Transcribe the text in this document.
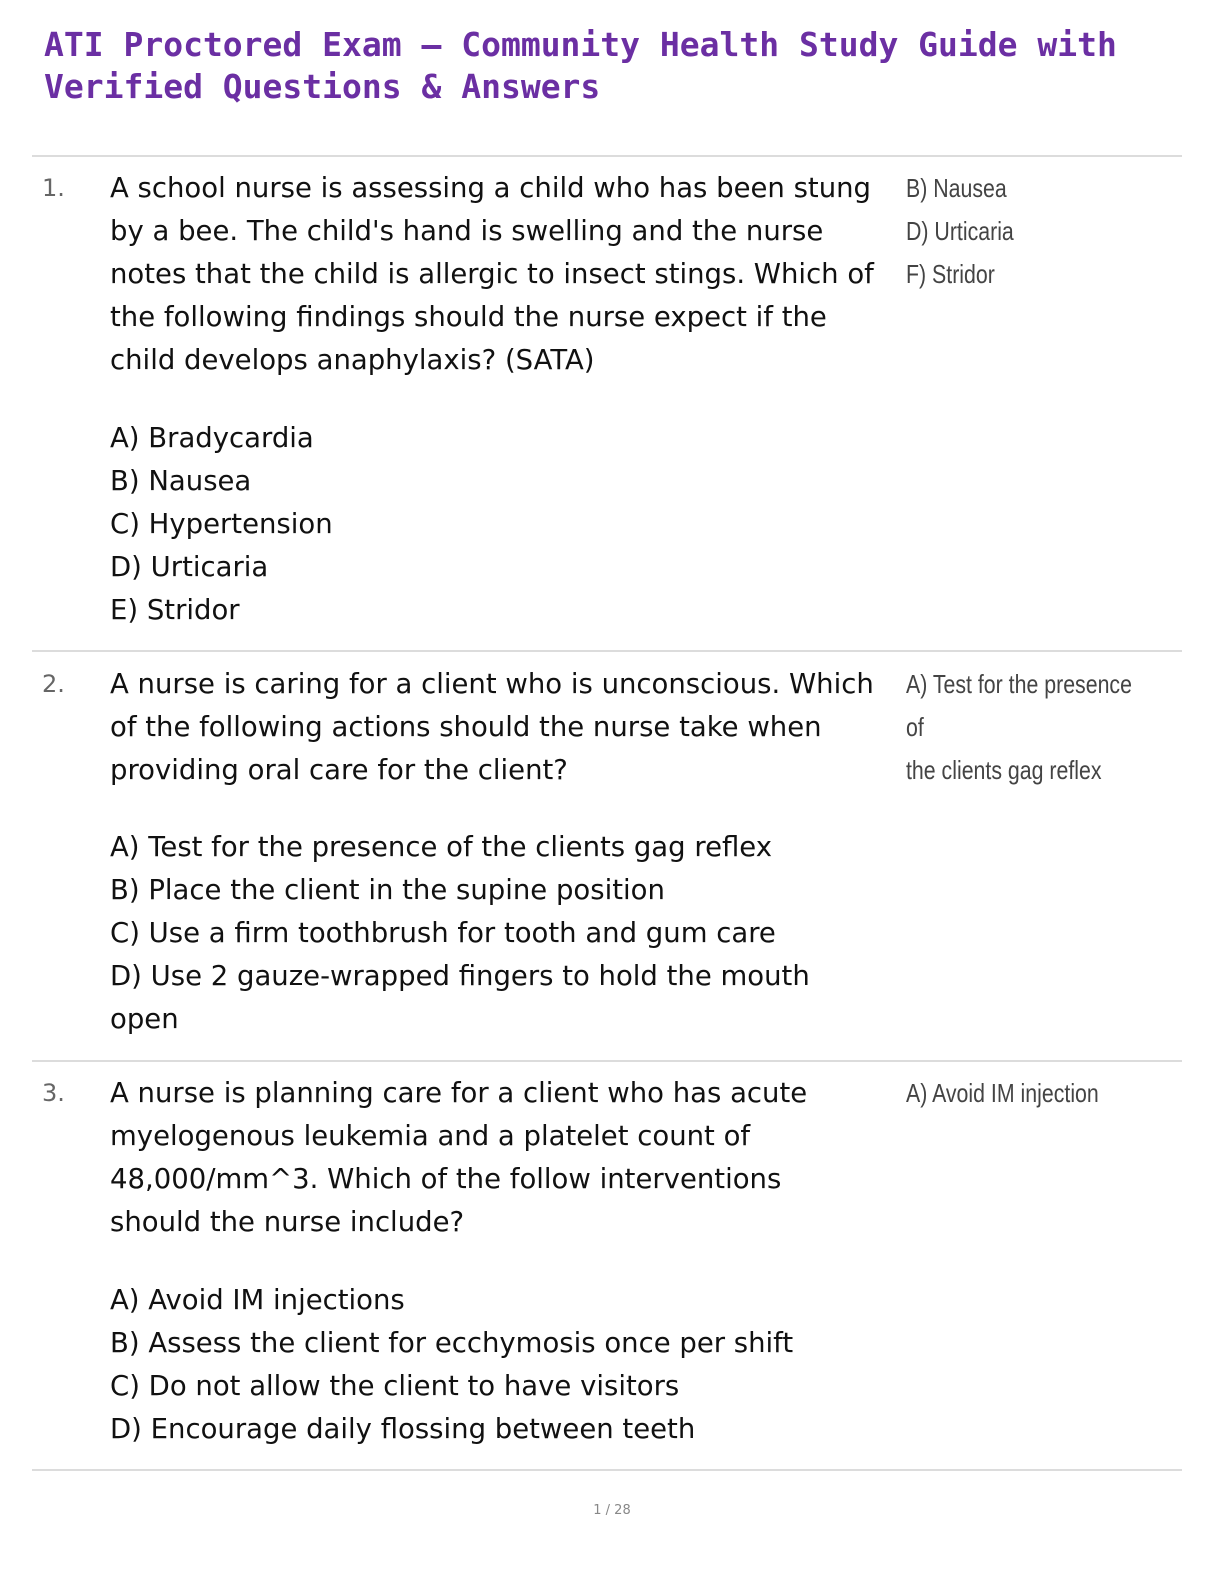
ATI Proctored Exam – Community Health Study Guide with Verified Questions & Answers
1. A school nurse is assessing a child who has been stung by a bee. The child's hand is swelling and the nurse notes that the child is allergic to insect stings. Which of the following findings should the nurse expect if the child develops anaphylaxis? (SATA)
A) Bradycardia
B) Nausea
C) Hypertension
D) Urticaria
E) Stridor
B) Nausea
D) Urticaria
F) Stridor
2. A nurse is caring for a client who is unconscious. Which of the following actions should the nurse take when providing oral care for the client?
A) Test for the presence of the clients gag reflex
B) Place the client in the supine position
C) Use a firm toothbrush for tooth and gum care
D) Use 2 gauze-wrapped fingers to hold the mouth open
A) Test for the presence of
the clients gag reflex
3. A nurse is planning care for a client who has acute myelogenous leukemia and a platelet count of 48,000/mm^3. Which of the follow interventions should the nurse include?
A) Avoid IM injections
B) Assess the client for ecchymosis once per shift
C) Do not allow the client to have visitors
D) Encourage daily flossing between teeth
A) Avoid IM injection
1 / 28
